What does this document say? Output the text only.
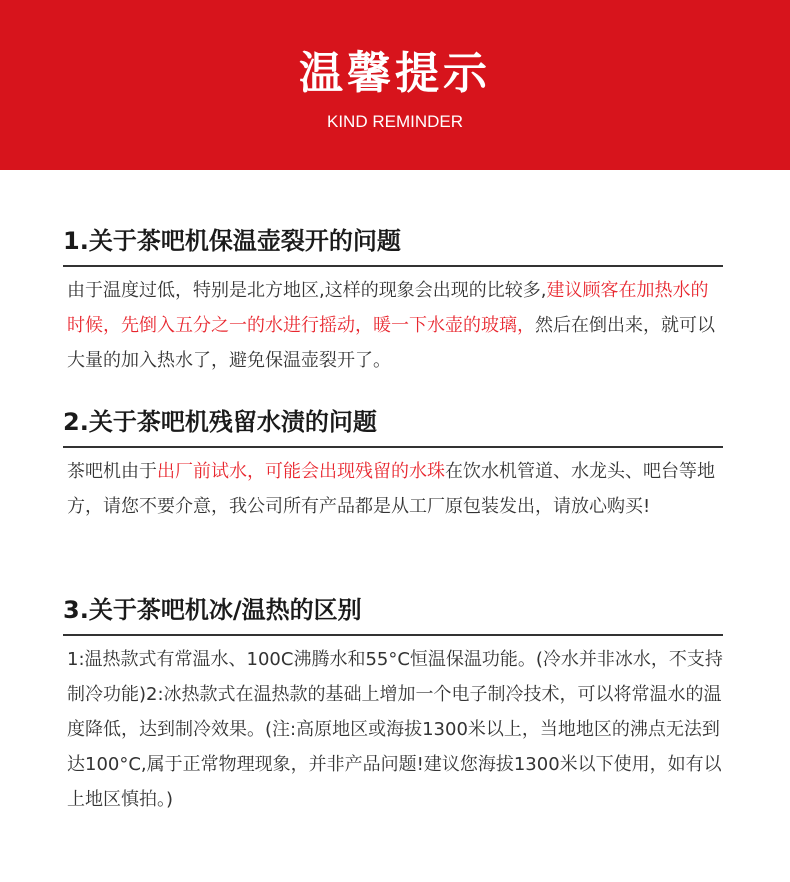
温馨提示
KIND REMINDER
1.关于茶吧机保温壶裂开的问题
由于温度过低，特别是北方地区,这样的现象会出现的比较多,建议顾客在加热水的时候，先倒入五分之一的水进行摇动，暖一下水壶的玻璃，然后在倒出来，就可以大量的加入热水了，避免保温壶裂开了。
2.关于茶吧机残留水渍的问题
茶吧机由于出厂前试水，可能会出现残留的水珠在饮水机管道、水龙头、吧台等地方，请您不要介意，我公司所有产品都是从工厂原包装发出，请放心购买!
3.关于茶吧机冰/温热的区别
1:温热款式有常温水、100C沸腾水和55°C恒温保温功能。(冷水并非冰水，不支持制冷功能)2:冰热款式在温热款的基础上增加一个电子制冷技术，可以将常温水的温度降低，达到制冷效果。(注:高原地区或海拔1300米以上，当地地区的沸点无法到达100°C,属于正常物理现象，并非产品问题!建议您海拔1300米以下使用，如有以上地区慎拍。)
